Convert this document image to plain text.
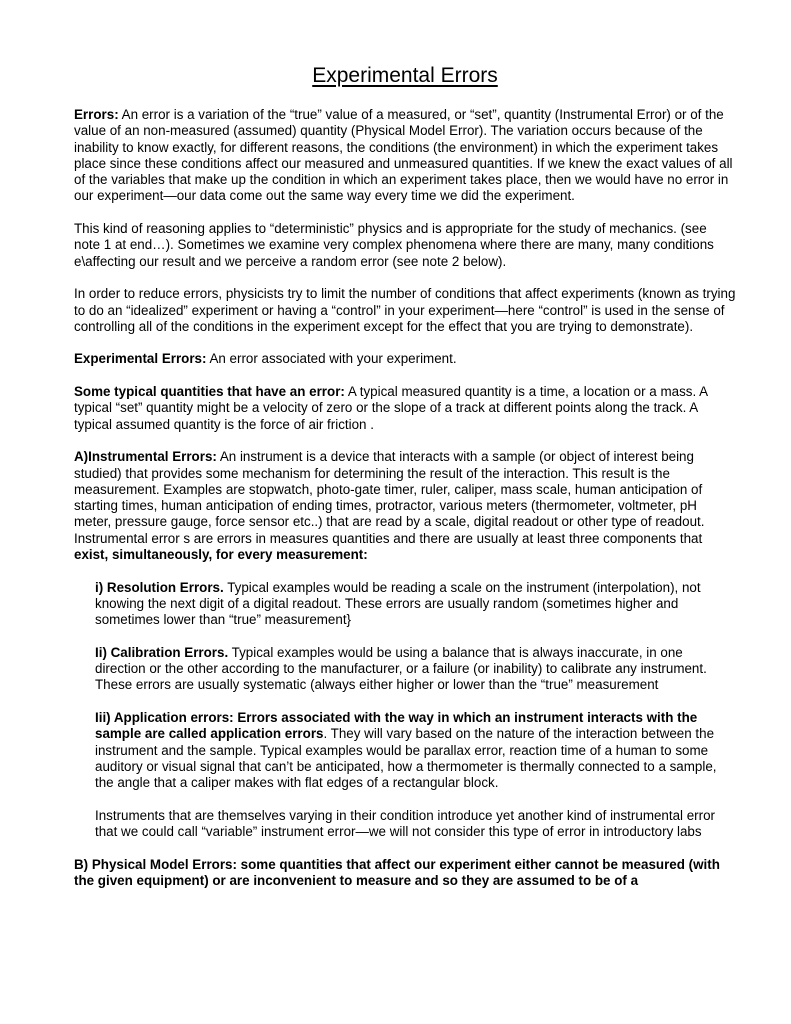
Experimental Errors

Errors: An error is a variation of the “true” value of a measured, or “set”, quantity (Instrumental Error) or of the value of an non-measured (assumed) quantity (Physical Model Error). The variation occurs because of the inability to know exactly, for different reasons, the conditions (the environment) in which the experiment takes place since these conditions affect our measured and unmeasured quantities. If we knew the exact values of all of the variables that make up the condition in which an experiment takes place, then we would have no error in our experiment—our data come out the same way every time we did the experiment.

This kind of reasoning applies to “deterministic” physics and is appropriate for the study of mechanics. (see note 1 at end…). Sometimes we examine very complex phenomena where there are many, many conditions e\affecting our result and we perceive a random error (see note 2 below).

In order to reduce errors, physicists try to limit the number of conditions that affect experiments (known as trying to do an “idealized” experiment or having a “control” in your experiment—here “control” is used in the sense of controlling all of the conditions in the experiment except for the effect that you are trying to demonstrate).

Experimental Errors: An error associated with your experiment.

Some typical quantities that have an error: A typical measured quantity is a time, a location or a mass. A typical “set” quantity might be a velocity of zero or the slope of a track at different points along the track. A typical assumed quantity is the force of air friction .

A)Instrumental Errors: An instrument is a device that interacts with a sample (or object of interest being studied) that provides some mechanism for determining the result of the interaction. This result is the measurement. Examples are stopwatch, photo-gate timer, ruler, caliper, mass scale, human anticipation of starting times, human anticipation of ending times, protractor, various meters (thermometer, voltmeter, pH meter, pressure gauge, force sensor etc..) that are read by a scale, digital readout or other type of readout. Instrumental error s are errors in measures quantities and there are usually at least three components that exist, simultaneously, for every measurement:

i) Resolution Errors. Typical examples would be reading a scale on the instrument (interpolation), not knowing the next digit of a digital readout. These errors are usually random (sometimes higher and sometimes lower than “true” measurement}

Ii) Calibration Errors. Typical examples would be using a balance that is always inaccurate, in one direction or the other according to the manufacturer, or a failure (or inability) to calibrate any instrument. These errors are usually systematic (always either higher or lower than the “true” measurement

Iii) Application errors: Errors associated with the way in which an instrument interacts with the sample are called application errors. They will vary based on the nature of the interaction between the instrument and the sample. Typical examples would be parallax error, reaction time of a human to some auditory or visual signal that can’t be anticipated, how a thermometer is thermally connected to a sample, the angle that a caliper makes with flat edges of a rectangular block.

Instruments that are themselves varying in their condition introduce yet another kind of instrumental error that we could call “variable” instrument error—we will not consider this type of error in introductory labs

B) Physical Model Errors: some quantities that affect our experiment either cannot be measured (with the given equipment) or are inconvenient to measure and so they are assumed to be of a
